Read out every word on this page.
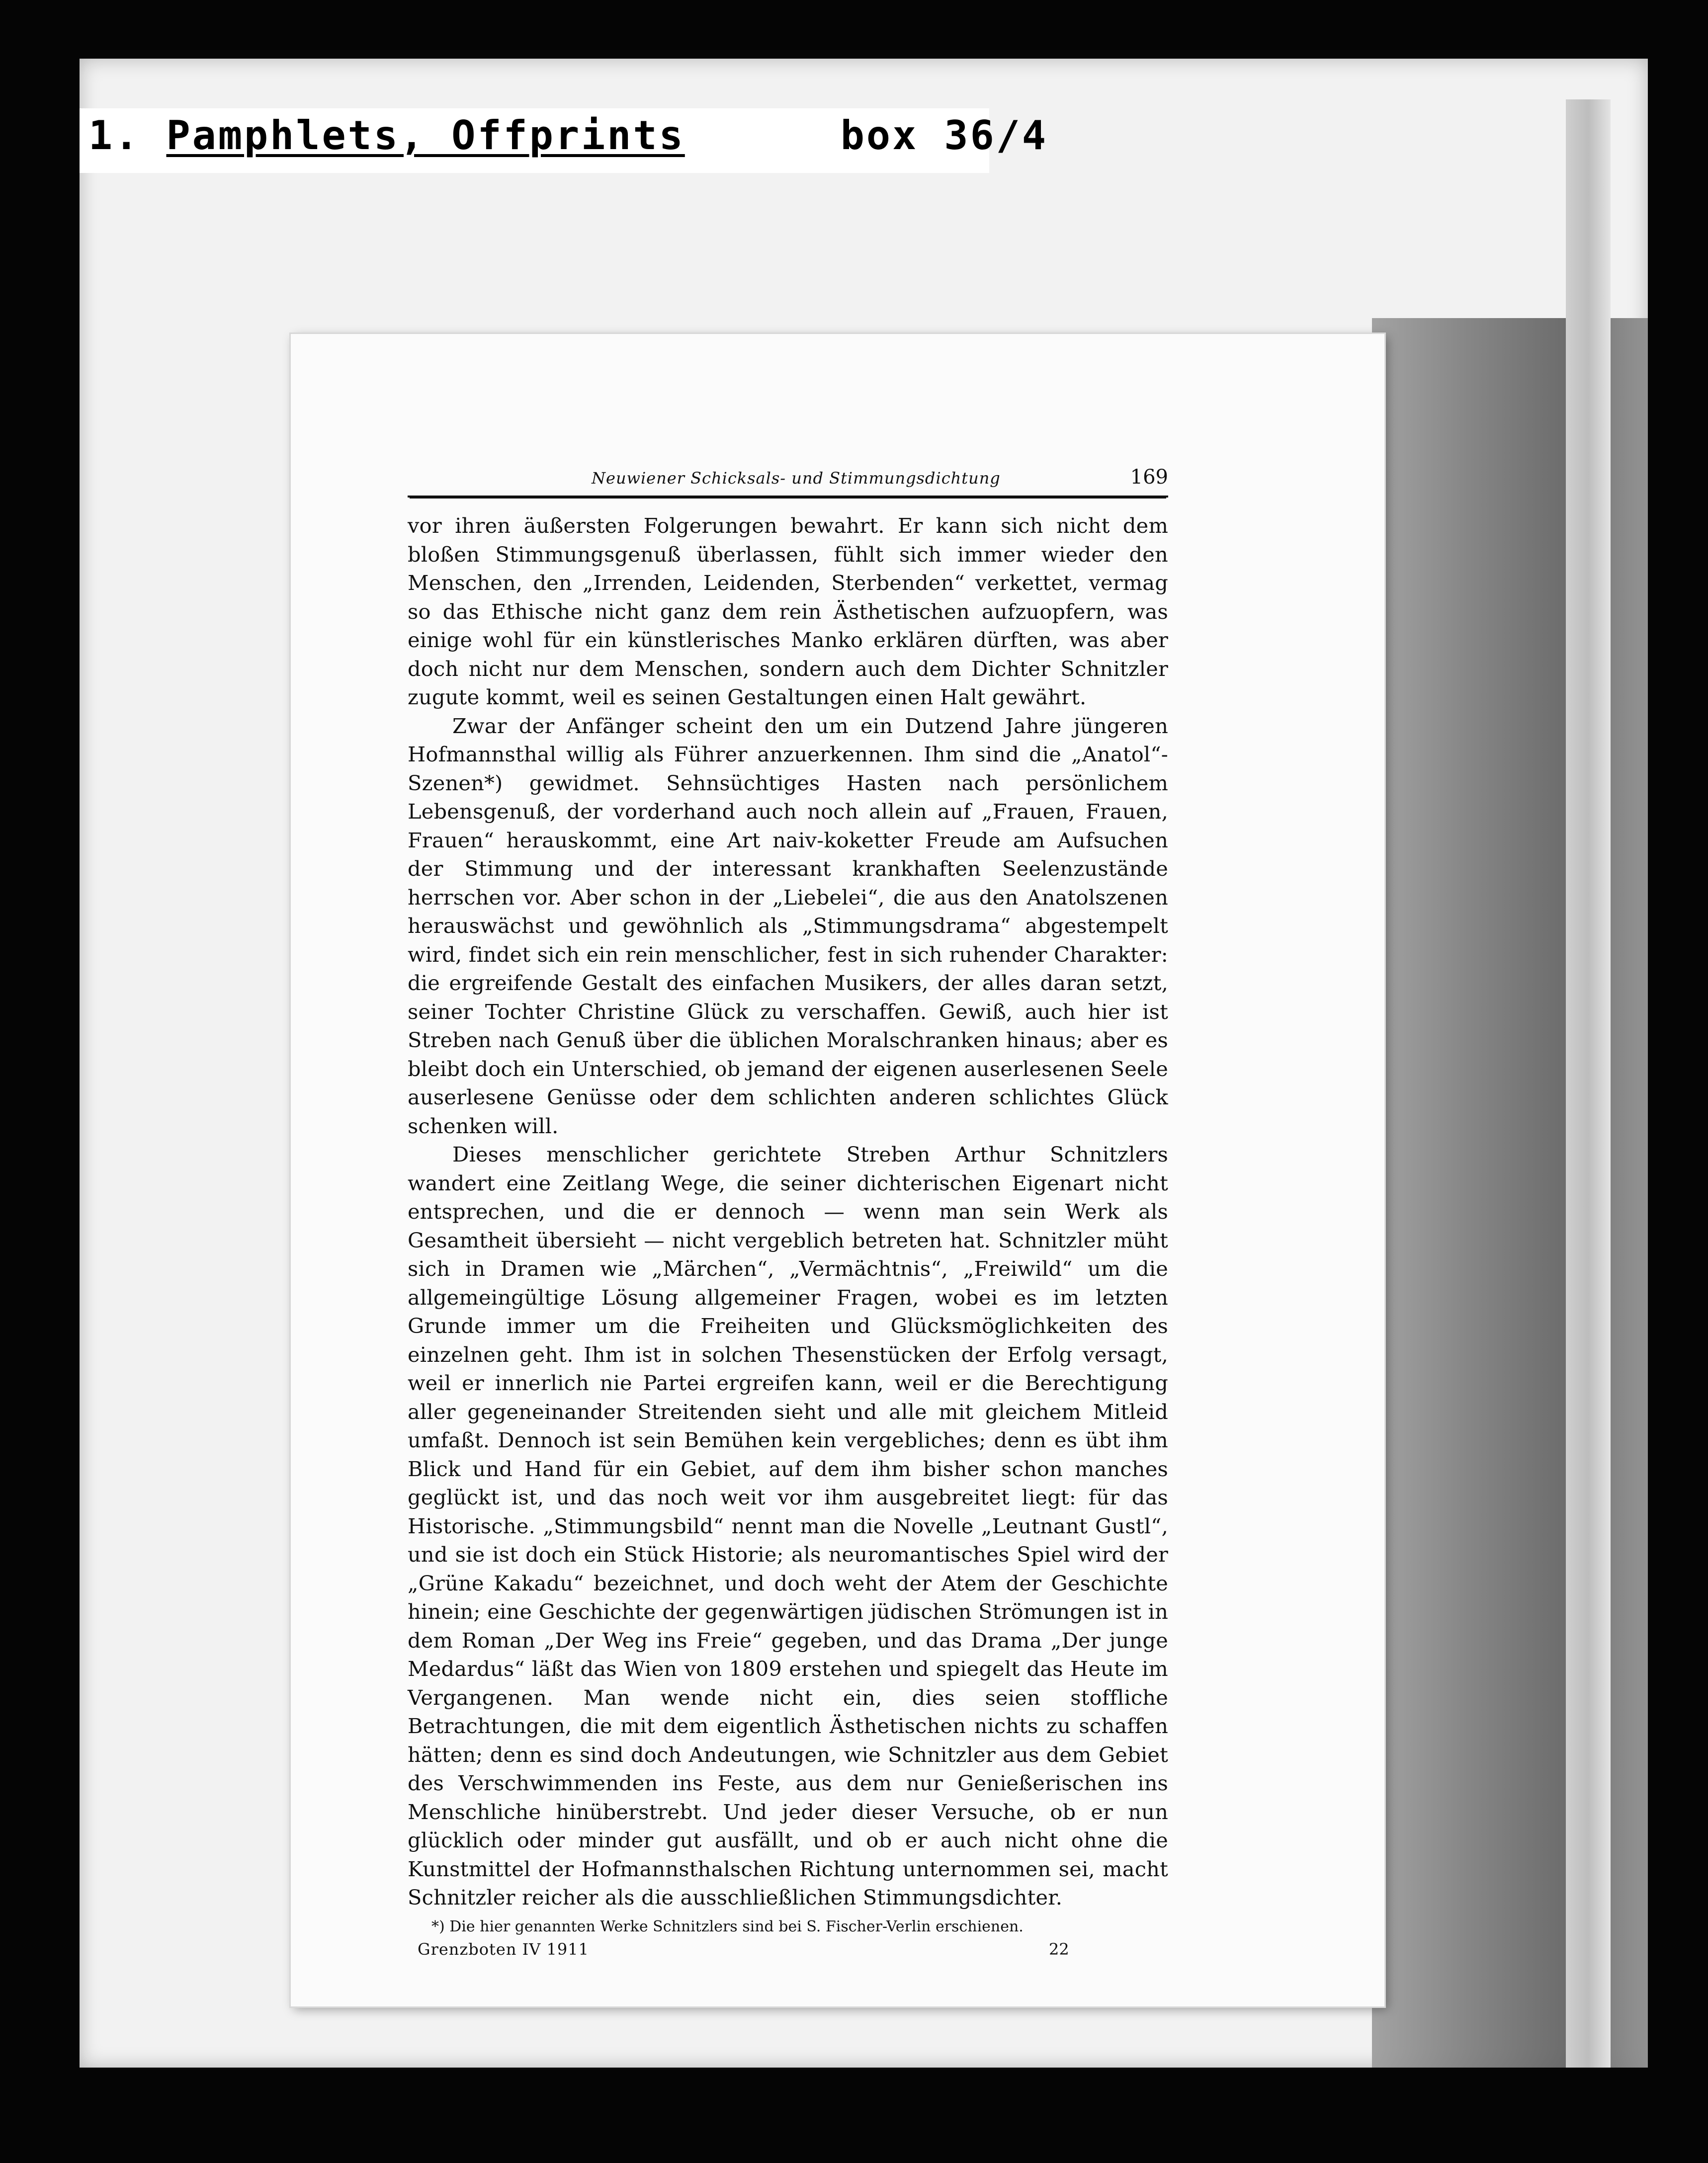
1. Pamphlets, Offprints	box 36/4
Neuwiener Schicksals- und Stimmungsdichtung	169

vor ihren äußersten Folgerungen bewahrt. Er kann sich nicht dem bloßen Stimmungsgenuß überlassen, fühlt sich immer wieder den Menschen, den „Irrenden, Leidenden, Sterbenden“ verkettet, vermag so das Ethische nicht ganz dem rein Ästhetischen aufzuopfern, was einige wohl für ein künstlerisches Manko erklären dürften, was aber doch nicht nur dem Menschen, sondern auch dem Dichter Schnitzler zugute kommt, weil es seinen Gestaltungen einen Halt gewährt.

Zwar der Anfänger scheint den um ein Dutzend Jahre jüngeren Hofmannsthal willig als Führer anzuerkennen. Ihm sind die „Anatol“-Szenen*) gewidmet. Sehnsüchtiges Hasten nach persönlichem Lebensgenuß, der vorderhand auch noch allein auf „Frauen, Frauen, Frauen“ herauskommt, eine Art naiv-koketter Freude am Aufsuchen der Stimmung und der interessant krankhaften Seelenzustände herrschen vor. Aber schon in der „Liebelei“, die aus den Anatolszenen herauswächst und gewöhnlich als „Stimmungsdrama“ abgestempelt wird, findet sich ein rein menschlicher, fest in sich ruhender Charakter: die ergreifende Gestalt des einfachen Musikers, der alles daran setzt, seiner Tochter Christine Glück zu verschaffen. Gewiß, auch hier ist Streben nach Genuß über die üblichen Moralschranken hinaus; aber es bleibt doch ein Unterschied, ob jemand der eigenen auserlesenen Seele auserlesene Genüsse oder dem schlichten anderen schlichtes Glück schenken will.

Dieses menschlicher gerichtete Streben Arthur Schnitzlers wandert eine Zeitlang Wege, die seiner dichterischen Eigenart nicht entsprechen, und die er dennoch — wenn man sein Werk als Gesamtheit übersieht — nicht vergeblich betreten hat. Schnitzler müht sich in Dramen wie „Märchen“, „Vermächtnis“, „Freiwild“ um die allgemeingültige Lösung allgemeiner Fragen, wobei es im letzten Grunde immer um die Freiheiten und Glücksmöglichkeiten des einzelnen geht. Ihm ist in solchen Thesenstücken der Erfolg versagt, weil er innerlich nie Partei ergreifen kann, weil er die Berechtigung aller gegeneinander Streitenden sieht und alle mit gleichem Mitleid umfaßt. Dennoch ist sein Bemühen kein vergebliches; denn es übt ihm Blick und Hand für ein Gebiet, auf dem ihm bisher schon manches geglückt ist, und das noch weit vor ihm ausgebreitet liegt: für das Historische. „Stimmungsbild“ nennt man die Novelle „Leutnant Gustl“, und sie ist doch ein Stück Historie; als neuromantisches Spiel wird der „Grüne Kakadu“ bezeichnet, und doch weht der Atem der Geschichte hinein; eine Geschichte der gegenwärtigen jüdischen Strömungen ist in dem Roman „Der Weg ins Freie“ gegeben, und das Drama „Der junge Medardus“ läßt das Wien von 1809 erstehen und spiegelt das Heute im Vergangenen. Man wende nicht ein, dies seien stoffliche Betrachtungen, die mit dem eigentlich Ästhetischen nichts zu schaffen hätten; denn es sind doch Andeutungen, wie Schnitzler aus dem Gebiet des Verschwimmenden ins Feste, aus dem nur Genießerischen ins Menschliche hinüberstrebt. Und jeder dieser Versuche, ob er nun glücklich oder minder gut ausfällt, und ob er auch nicht ohne die Kunstmittel der Hofmannsthalschen Richtung unternommen sei, macht Schnitzler reicher als die ausschließlichen Stimmungsdichter.

*) Die hier genannten Werke Schnitzlers sind bei S. Fischer-Verlin erschienen.
Grenzboten IV 1911	22
